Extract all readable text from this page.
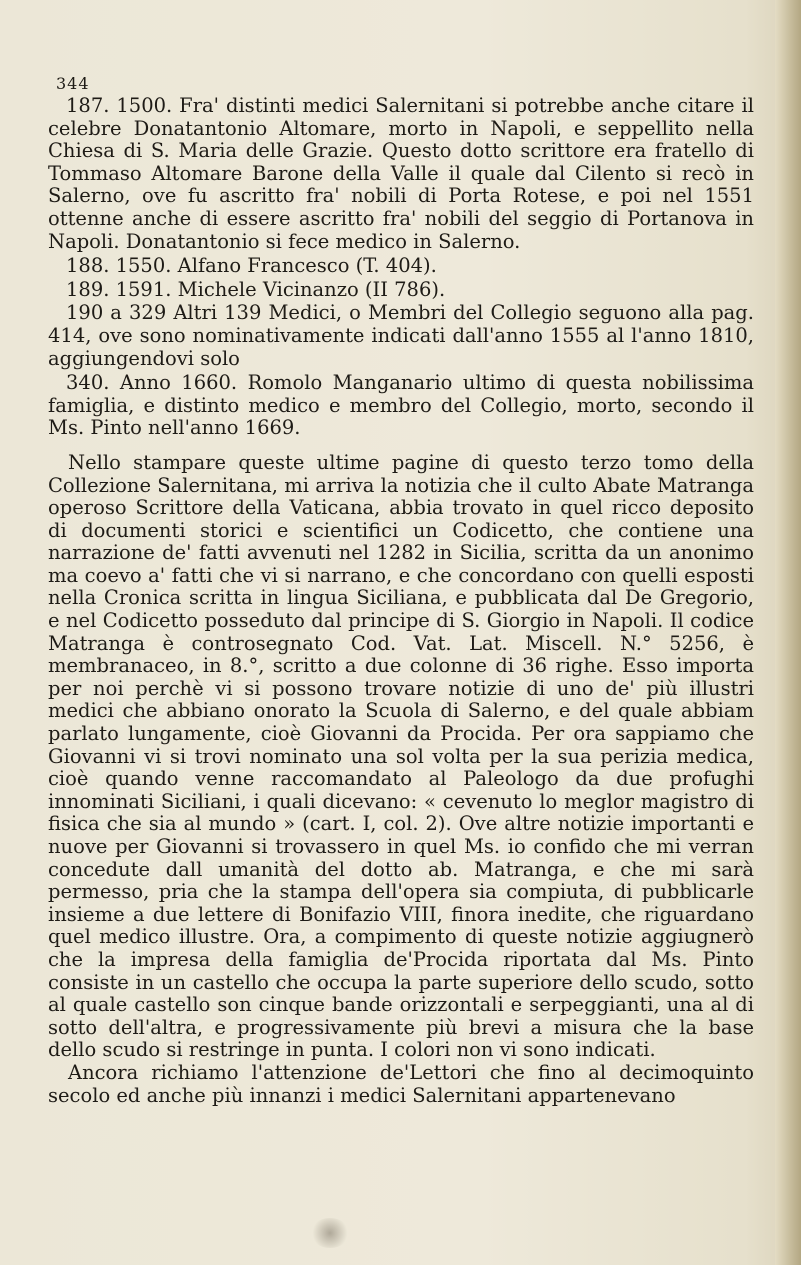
344

187. 1500. Fra' distinti medici Salernitani si potrebbe anche citare il celebre Donatantonio Altomare, morto in Napoli, e seppellito nella Chiesa di S. Maria delle Grazie. Questo dotto scrittore era fratello di Tommaso Altomare Barone della Valle il quale dal Cilento si recò in Salerno, ove fu ascritto fra' nobili di Porta Rotese, e poi nel 1551 ottenne anche di essere ascritto fra' nobili del seggio di Portanova in Napoli. Donatantonio si fece medico in Salerno.

188. 1550. Alfano Francesco (T. 404).

189. 1591. Michele Vicinanzo (II 786).

190 a 329 Altri 139 Medici, o Membri del Collegio seguono alla pag. 414, ove sono nominativamente indicati dall'anno 1555 al l'anno 1810, aggiungendovi solo

340. Anno 1660. Romolo Manganario ultimo di questa nobilissima famiglia, e distinto medico e membro del Collegio, morto, secondo il Ms. Pinto nell'anno 1669.

Nello stampare queste ultime pagine di questo terzo tomo della Collezione Salernitana, mi arriva la notizia che il culto Abate Matranga operoso Scrittore della Vaticana, abbia trovato in quel ricco deposito di documenti storici e scientifici un Codicetto, che contiene una narrazione de' fatti avvenuti nel 1282 in Sicilia, scritta da un anonimo ma coevo a' fatti che vi si narrano, e che concordano con quelli esposti nella Cronica scritta in lingua Siciliana, e pubblicata dal De Gregorio, e nel Codicetto posseduto dal principe di S. Giorgio in Napoli. Il codice Matranga è controsegnato Cod. Vat. Lat. Miscell. N.° 5256, è membranaceo, in 8.°, scritto a due colonne di 36 righe. Esso importa per noi perchè vi si possono trovare notizie di uno de' più illustri medici che abbiano onorato la Scuola di Salerno, e del quale abbiam parlato lungamente, cioè Giovanni da Procida. Per ora sappiamo che Giovanni vi si trovi nominato una sol volta per la sua perizia medica, cioè quando venne raccomandato al Paleologo da due profughi innominati Siciliani, i quali dicevano: « cevenuto lo meglor magistro di fisica che sia al mundo » (cart. I, col. 2). Ove altre notizie importanti e nuove per Giovanni si trovassero in quel Ms. io confido che mi verran concedute dall umanità del dotto ab. Matranga, e che mi sarà permesso, pria che la stampa dell'opera sia compiuta, di pubblicarle insieme a due lettere di Bonifazio VIII, finora inedite, che riguardano quel medico illustre. Ora, a compimento di queste notizie aggiugnerò che la impresa della famiglia de'Procida riportata dal Ms. Pinto consiste in un castello che occupa la parte superiore dello scudo, sotto al quale castello son cinque bande orizzontali e serpeggianti, una al di sotto dell'altra, e progressivamente più brevi a misura che la base dello scudo si restringe in punta. I colori non vi sono indicati.

Ancora richiamo l'attenzione de'Lettori che fino al decimoquinto secolo ed anche più innanzi i medici Salernitani appartenevano
